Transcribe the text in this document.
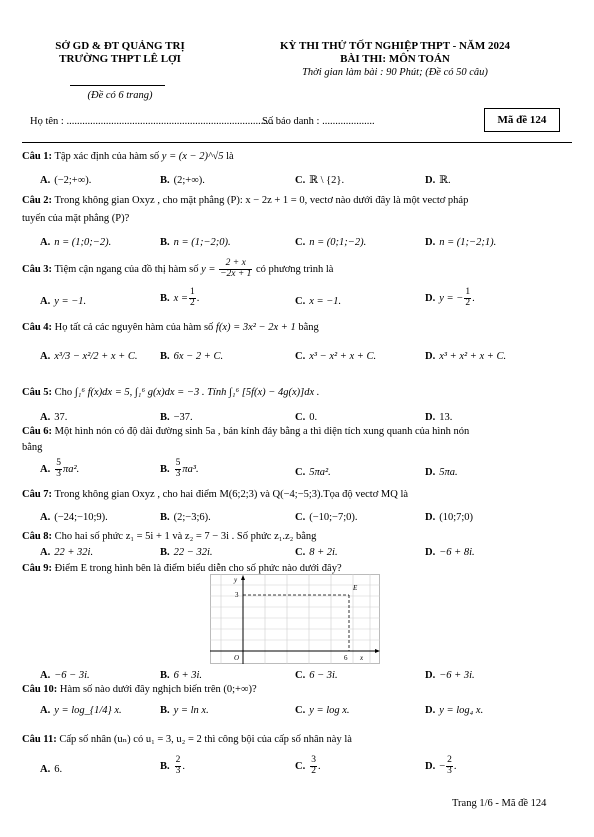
SỞ GD & ĐT QUẢNG TRỊ
TRƯỜNG THPT LÊ LỢI
KỲ THI THỬ TỐT NGHIỆP THPT - NĂM 2024
BÀI THI: MÔN TOÁN
Thời gian làm bài : 90 Phút; (Đề có 50 câu)
(Đề có 6 trang)
Họ tên : ...............................................................................
Số báo danh : ....................	Mã đề 124
Câu 1: Tập xác định của hàm số y = (x − 2)^√5 là
A. (−2;+∞).	B. (2;+∞).	C. ℝ \ {2}.	D. ℝ.
Câu 2: Trong không gian Oxyz , cho mặt phẳng (P): x − 2z + 1 = 0, vectơ nào dưới đây là một vectơ pháp
tuyến của mặt phẳng (P)?
A. n = (1;0;−2).	B. n = (1;−2;0).	C. n = (0;1;−2).	D. n = (1;−2;1).
Câu 3: Tiệm cận ngang của đồ thị hàm số $y = \frac{2 + x}{-2x + 1}$ có phương trình là
A. y = −1.	B. $x = \frac{1}{2}$ .	C. x = −1.	D. y = − $\frac{1}{2}$ .
Câu 4: Họ tất cả các nguyên hàm của hàm số f(x) = 3x² − 2x + 1 bằng
A. x³/3 − x²/2 + x + C. B. 6x − 2 + C.	C. x³ − x² + x + C.	D. x³ + x² + x + C.
Câu 5: Cho ∫₁⁶ f(x)dx = 5, ∫₁⁶ g(x)dx = −3 . Tính ∫₁⁶ [5f(x) − 4g(x)]dx .
A. 37.	B. −37.	C. 0.	D. 13.
Câu 6: Một hình nón có độ dài đường sinh 5a , bán kính đáy bằng a thì diện tích xung quanh của hình nón
bằng
A. $\frac{5}{3} \pi a^2$.	B. $\frac{5}{3} \pi a^3$.	C. 5πa².	D. 5πa.
Câu 7: Trong không gian Oxyz , cho hai điểm M(6;2;3) và Q(−4;−5;3).Tọa độ vectơ MQ là
A. (−24;−10;9).	B. (2;−3;6).	C. (−10;−7;0).	D. (10;7;0)
Câu 8: Cho hai số phức z₁ = 5i + 1 và z₂ = 7 − 3i . Số phức z₁.z₂ bằng
A. 22 + 32i.	B. 22 − 32i.	C. 8 + 2i.	D. −6 + 8i.
Câu 9: Điểm E trong hình bên là điểm biểu diễn cho số phức nào dưới đây?
y
3
E
O	6 x
A. −6 − 3i.	B. 6 + 3i.	C. 6 − 3i.	D. −6 + 3i.
Câu 10: Hàm số nào dưới đây nghịch biến trên (0;+∞)?
A. y = log_{1/4} x.	B. y = ln x.	C. y = log x.	D. y = log₄ x.
Câu 11: Cấp số nhân (uₙ) có u₁ = 3, u₂ = 2 thì công bội của cấp số nhân này là
A. 6.	B. $\frac{2}{3}$ .	C. $\frac{3}{2}$ .	D. − $\frac{2}{3}$ .
Trang 1/6 - Mã đề 124
